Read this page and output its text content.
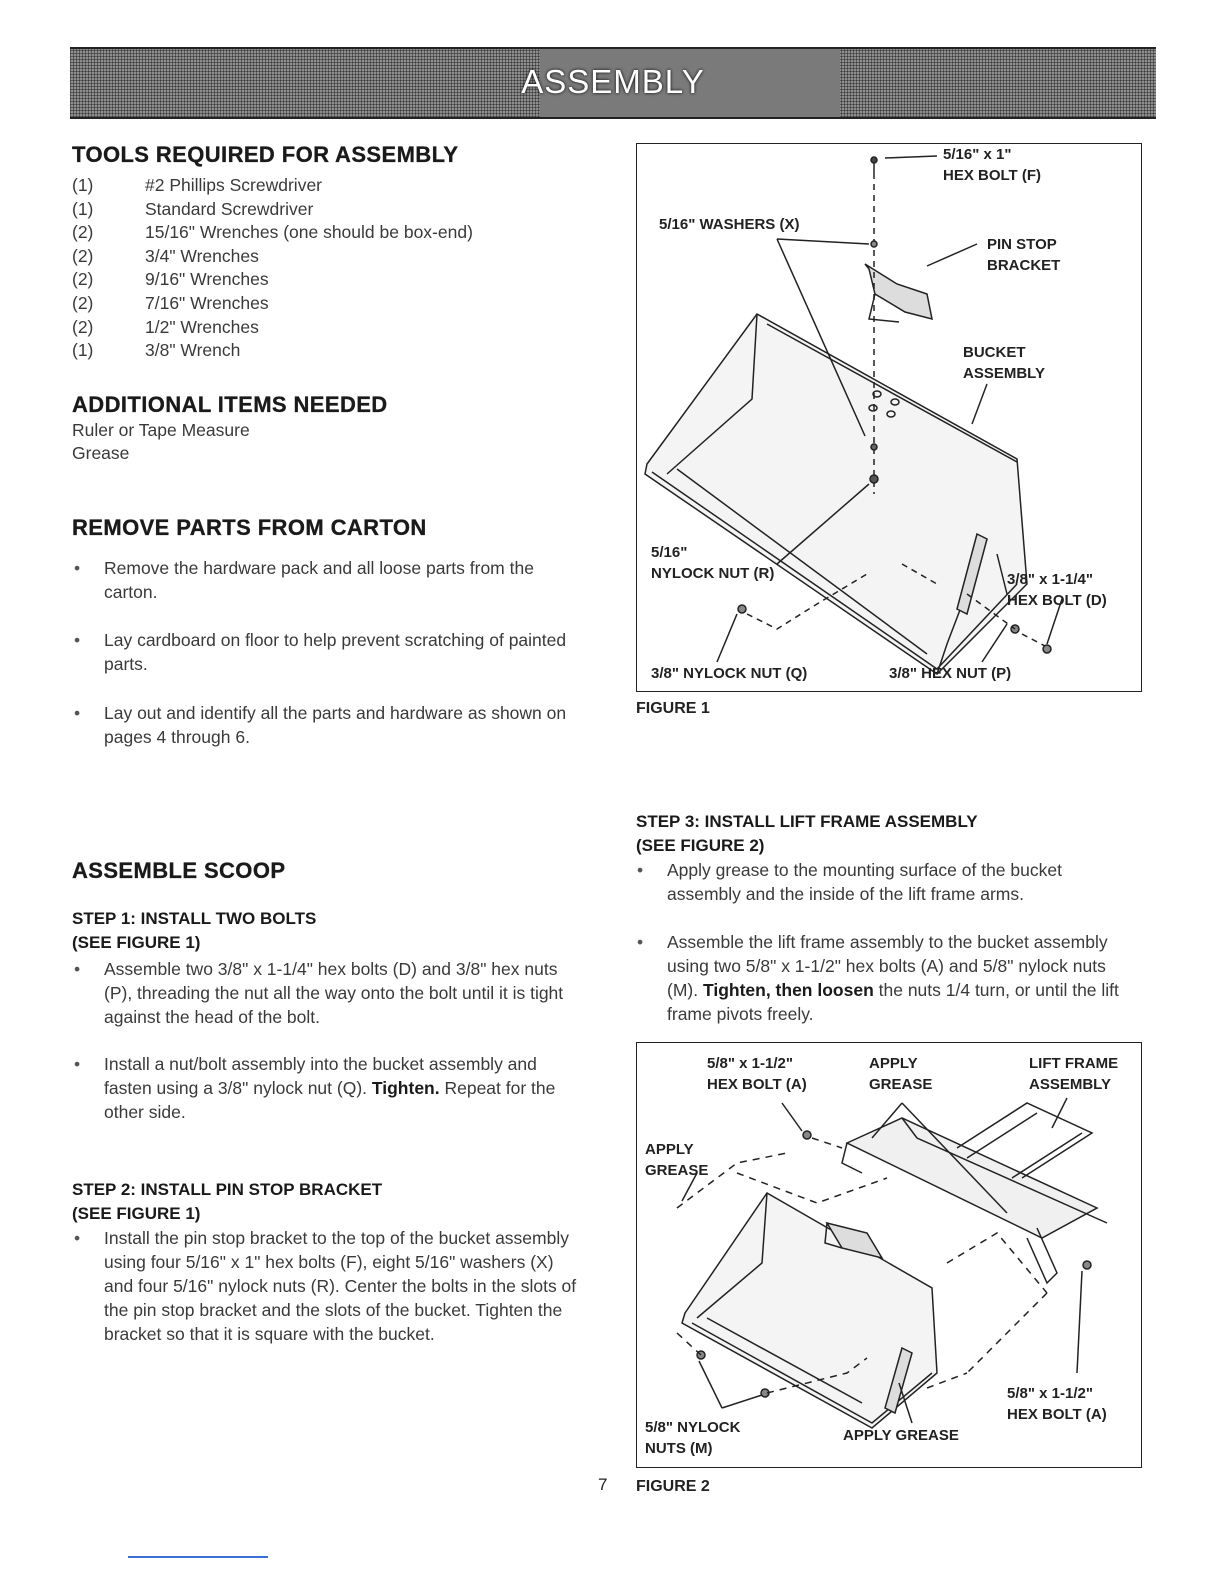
ASSEMBLY
TOOLS REQUIRED FOR ASSEMBLY
(1)	#2 Phillips Screwdriver
(1)	Standard Screwdriver
(2)	15/16" Wrenches (one should be box-end)
(2)	3/4" Wrenches
(2)	9/16" Wrenches
(2)	7/16" Wrenches
(2)	1/2" Wrenches
(1)	3/8" Wrench
ADDITIONAL ITEMS NEEDED
Ruler or Tape Measure
Grease
REMOVE PARTS FROM CARTON
• Remove the hardware pack and all loose parts from the carton.
• Lay cardboard on floor to help prevent scratching of painted parts.
• Lay out and identify all the parts and hardware as shown on pages 4 through 6.
ASSEMBLE SCOOP
STEP 1: INSTALL TWO BOLTS
(SEE FIGURE 1)
• Assemble two 3/8" x 1-1/4" hex bolts (D) and 3/8" hex nuts (P), threading the nut all the way onto the bolt until it is tight against the head of the bolt.
• Install a nut/bolt assembly into the bucket assembly and fasten using a 3/8" nylock nut (Q). Tighten. Repeat for the other side.
STEP 2: INSTALL PIN STOP BRACKET
(SEE FIGURE 1)
• Install the pin stop bracket to the top of the bucket assembly using four 5/16" x 1" hex bolts (F), eight 5/16" washers (X) and four 5/16" nylock nuts (R). Center the bolts in the slots of the pin stop bracket and the slots of the bucket. Tighten the bracket so that it is square with the bucket.
STEP 3: INSTALL LIFT FRAME ASSEMBLY
(SEE FIGURE 2)
• Apply grease to the mounting surface of the bucket assembly and the inside of the lift frame arms.
• Assemble the lift frame assembly to the bucket assembly using two 5/8" x 1-1/2" hex bolts (A) and 5/8" nylock nuts (M). Tighten, then loosen the nuts 1/4 turn, or until the lift frame pivots freely.
5/16" x 1"
HEX BOLT (F)
5/16" WASHERS (X)
PIN STOP
BRACKET
BUCKET
ASSEMBLY
5/16"
NYLOCK NUT (R)	3/8" x 1-1/4"
HEX BOLT (D)
3/8" NYLOCK NUT (Q)	3/8" HEX NUT (P)
FIGURE 1
5/8" x 1-1/2"
HEX BOLT (A)
APPLY
GREASE
LIFT FRAME
ASSEMBLY
APPLY
GREASE
5/8" x 1-1/2"
HEX BOLT (A)
5/8" NYLOCK
NUTS (M)
APPLY GREASE
FIGURE 2
7
